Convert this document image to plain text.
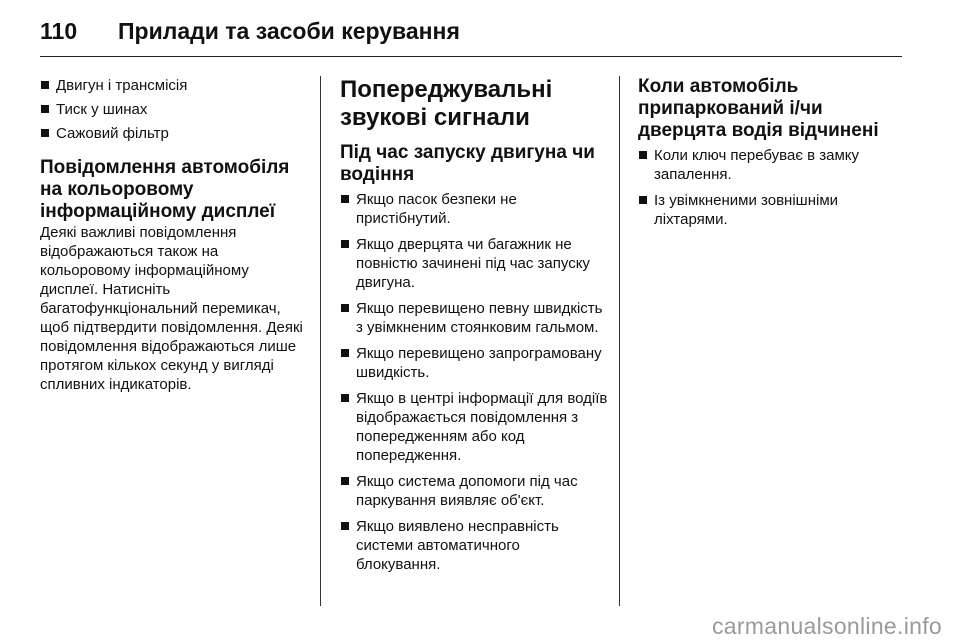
110 Прилади та засоби керування
Двигун і трансмісія
Тиск у шинах
Сажовий фільтр
Повідомлення автомобіля на кольоровому інформаційному дисплеї

Деякі важливі повідомлення відображаються також на кольоровому інформаційному дисплеї. Натисніть багатофункціональний перемикач, щоб підтвердити повідомлення. Деякі повідомлення відображаються лише протягом кількох секунд у вигляді спливних індикаторів.

Попереджувальні звукові сигнали
Під час запуску двигуна чи водіння
Якщо пасок безпеки не пристібнутий.
Якщо дверцята чи багажник не повністю зачинені під час запуску двигуна.
Якщо перевищено певну швидкість з увімкненим стоянковим гальмом.
Якщо перевищено запрограмовану швидкість.
Якщо в центрі інформації для водіїв відображається повідомлення з попередженням або код попередження.
Якщо система допомоги під час паркування виявляє об'єкт.
Якщо виявлено несправність системи автоматичного блокування.
Коли автомобіль припаркований і/чи дверцята водія відчинені
Коли ключ перебуває в замку запалення.
Із увімкненими зовнішніми ліхтарями.
carmanualsonline.info
